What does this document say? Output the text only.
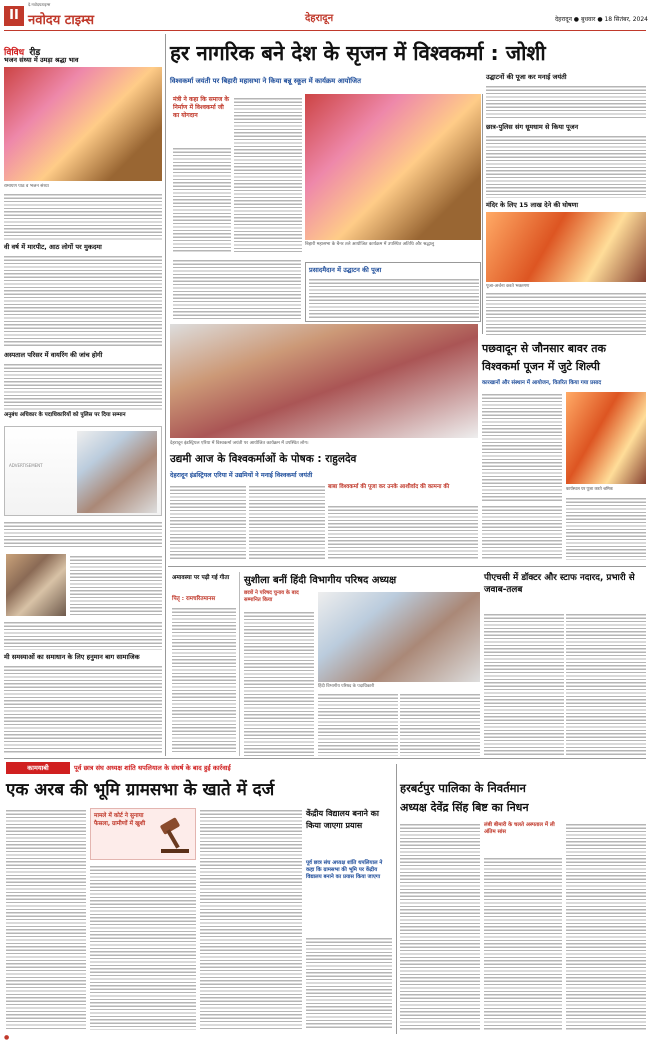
II
दे.नवोदयटाइम्स
नवोदय टाइम्स	देहरादून	देहरादून ● बुधवार ● 18 सितंबर, 2024
विविध रीड
भजन संध्या में उमड़ा श्रद्धा भाव
रामायण पाठ व भजन संध्या
वी वर्ष में मारपीट, आठ लोगों पर मुकदमा
अस्पताल परिसर में वायरिंग की जांच होगी
अनुबंध अधिकार के पदाधिकारियों को पुलिस पर दिया सम्मान
ADVERTISEMENT
मी समस्याओं का समाधान के लिए हनुमान बाग सामाजिक
हर नागरिक बने देश के सृजन में विश्वकर्मा : जोशी
विश्वकर्मा जयंती पर बिहारी महासभा ने किया बन्नू स्कूल में कार्यक्रम आयोजित
मंत्री ने कहा कि समाज के निर्माण में विश्वकर्मा जी का योगदान
बिहारी महासभा के बैनर तले आयोजित कार्यक्रम में उपस्थित अतिथि और श्रद्धालु
प्रसादमैदान में उद्घाटन की पूजा
देहरादून इंडस्ट्रियल एरिया में विश्वकर्मा जयंती पर आयोजित कार्यक्रम में उपस्थित लोग।
उद्यमी आज के विश्वकर्माओं के पोषक : राहुलदेव
देहरादून इंडस्ट्रियल एरिया में उद्यमियों ने मनाई विश्वकर्मा जयंती
बाबा विश्वकर्मा की पूजा कर उनके आशीर्वाद की कामना की
उद्घाटनों की पूजा कर मनाई जयंती
छात्र-पुलिस संग धूमधाम से किया पूजन
मंदिर के लिए 15 लाख देने की घोषणा
पूजा-अर्चना करते भक्तगण
पछवादून से जौनसार बावर तक
विश्वकर्मा पूजन में जुटे शिल्पी
कारखानों और संस्थान में आयोजन, वितरित किया गया प्रसाद
कार्यस्थल पर पूजा करते श्रमिक
अमावस्या पर पढ़ी गई गीता
पितृ : रामचरितमानस
सुशीला बनीं हिंदी विभागीय परिषद अध्यक्ष
छात्रों ने परिषद चुनाव के बाद सम्मानित किया
हिंदी विभागीय परिषद के पदाधिकारी
पीएचसी में डॉक्टर और स्टाफ नदारद, प्रभारी से जवाब-तलब
कामयाबी	पूर्व छात्र संघ अध्यक्ष शांति थपलियाल के संघर्ष के बाद हुई कार्रवाई
एक अरब की भूमि ग्रामसभा के खाते में दर्ज
मामले में कोर्ट ने सुनाया फैसला, ग्रामीणों में खुशी
केंद्रीय विद्यालय बनाने का किया जाएगा प्रयास
पूर्व छात्र संघ अध्यक्ष शांति थपलियाल ने कहा कि ग्रामसभा की भूमि पर केंद्रीय विद्यालय बनाने का प्रयास किया जाएगा
हरबर्टपुर पालिका के निवर्तमान
अध्यक्ष देवेंद्र सिंह बिष्ट का निधन
लंबी बीमारी के चलते अस्पताल में ली अंतिम सांस
●
